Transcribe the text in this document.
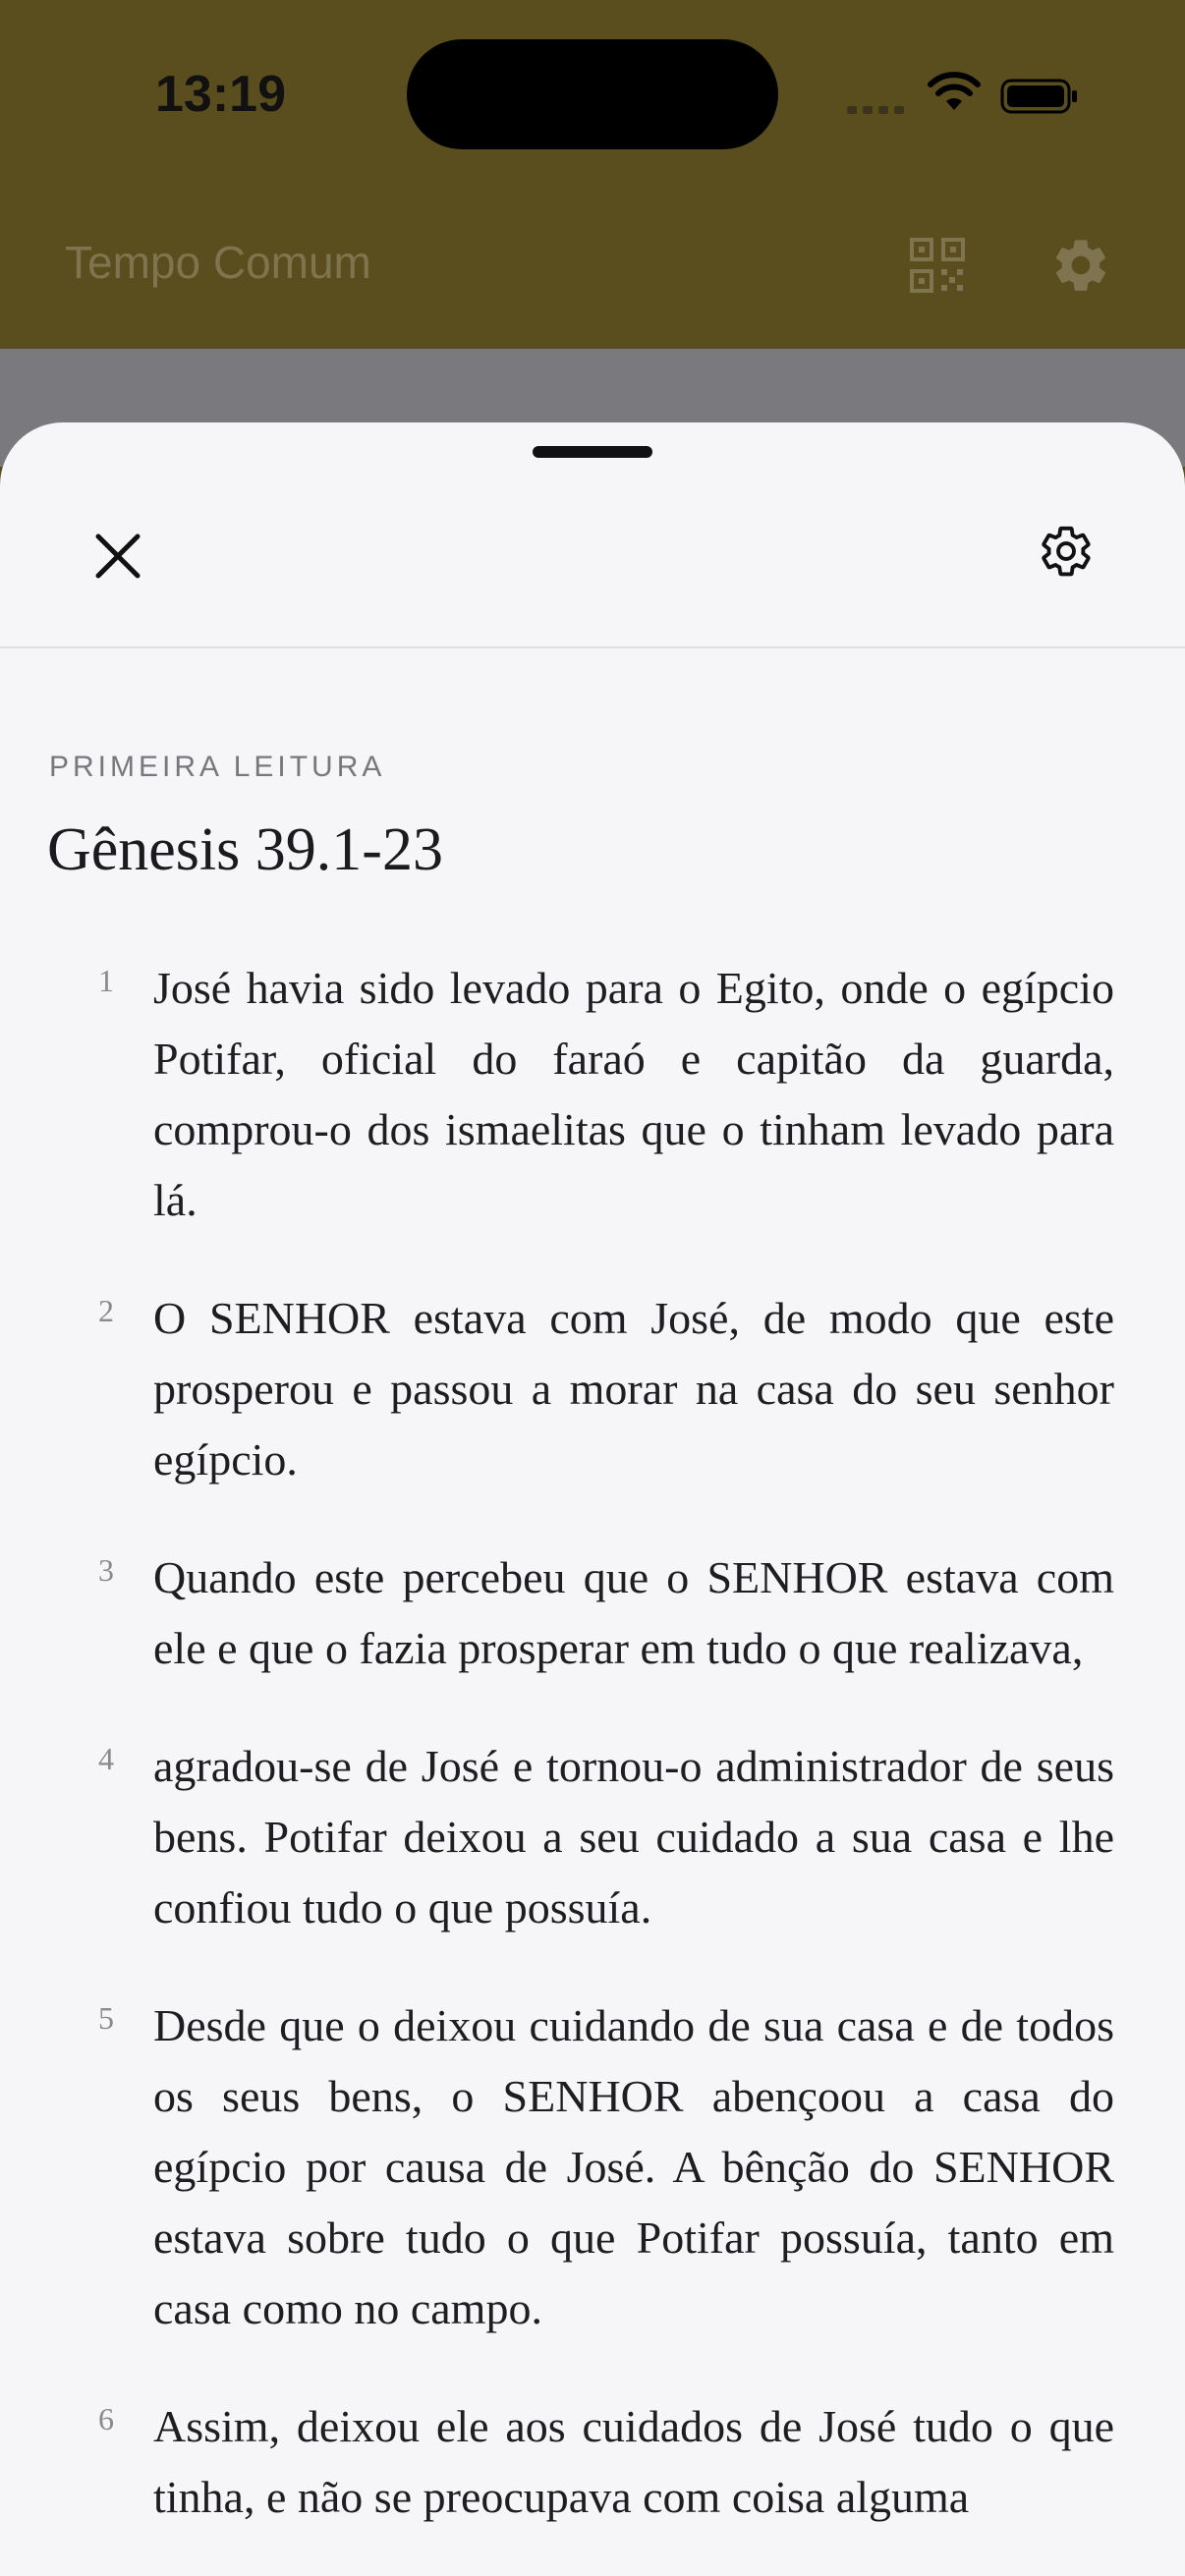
13:19
Tempo Comum
PRIMEIRA LEITURA
Gênesis 39.1-23
1 José havia sido levado para o Egito, onde o egípcio Potifar, oficial do faraó e capitão da guarda, comprou-o dos ismaelitas que o tinham levado para lá.
2 O SENHOR estava com José, de modo que este prosperou e passou a morar na casa do seu senhor egípcio.
3 Quando este percebeu que o SENHOR estava com ele e que o fazia prosperar em tudo o que realizava,
4 agradou-se de José e tornou-o administrador de seus bens. Potifar deixou a seu cuidado a sua casa e lhe confiou tudo o que possuía.
5 Desde que o deixou cuidando de sua casa e de todos os seus bens, o SENHOR abençoou a casa do egípcio por causa de José. A bênção do SENHOR estava sobre tudo o que Potifar possuía, tanto em casa como no campo.
6 Assim, deixou ele aos cuidados de José tudo o que tinha, e não se preocupava com coisa alguma
